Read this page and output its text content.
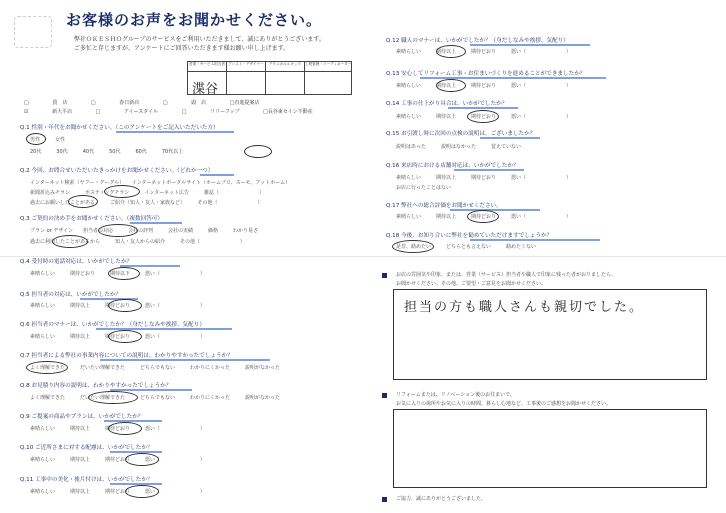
お客様のお声をお聞かせください。
弊社ＯＫＥＳＨＯグループのサービスをご利用いただきまして、誠にありがとうございます。
ご多忙と存じますが、アンケートにご回答いただきます様お願い申し上げます。
営業・サービス担当者	アシスト・デザイナー	テクニカルエキップ	工程管理・コーディネーター

渫谷			

□ 賃　店	□ 春日新店	□ 頭　店	□直進提案店
☑ 新大平店	□ アイースタイル	□ リリーフップ	□長谷東セイン不動産
Q.1 性別・年代をお聞かせください。（このアンケートをご記入いただいた方）
男性　　　女性
20代　　　30代　　　40代　　　50代　　　60代　　　70代以上
Q.2 今回、お問合せいただいたきっかけをお聞かせください。（どれか一つ）
インターネット検索（ヤフー・グーグル）　　インターネットポータルサイト（ホームプロ、スーモ、アットホーム）
新聞折込みチラシ　　　ポスティングチラシ　　　インターネット広告　　　雑誌（　　　　　　　　）
過去にお願いしたことがある　　　ご紹介（知人・友人・家族など）　　　その他（　　　　　　　　）
Q.3 ご契約の決め手をお聞かせください。（複数回答可）
プラン or デザイン　　担当者の対応　　　会社の評判　　　会社の実績　　　価格　　　わかり易さ
過去に利用したことがあるから　　　知人・友人からの紹介　　　その他（　　　　　　　　）
Q.4 受付時の電話対応は、いかがでしたか？
素晴らしい　　　期待どおり　　　期待以下　　　悪い（　　　　　　　　）
Q.5 担当者の対応は、いかがでしたか？
素晴らしい　　　期待以上　　　期待どおり　　　悪い（　　　　　　　　）
Q.6 担当者のマナーは、いかがでしたか？（身だしなみや挨拶、気配り）
素晴らしい　　　期待以上　　　期待どおり　　　悪い（　　　　　　　　）
Q.7 担当者による弊社の事業内容についての説明は、わかりやすかったでしょうか？
よく理解できた　　　だいたい理解できた　　　どちらでもない　　　わかりにくかった　　　説明がなかった
Q.8 お見積り内容の説明は、わかりやすかったでしょうか？
よく理解できた　　　だいたい理解できた　　　どちらでもない　　　わかりにくかった　　　説明がなかった
Q.9 ご提案の商品やプランは、いかがでしたか？
素晴らしい　　　期待以上　　　期待どおり　　　悪い（　　　　　　　　）
Q.10 ご近所さまに対する配慮は、いかがでしたか？
素晴らしい　　　期待以上　　　期待どおり　　　悪い（　　　　　　　　）
Q.11 工事中の美化・後片付けは、いかがでしたか？
素晴らしい　　　期待以上　　　期待どおり　　　悪い（　　　　　　　　）
Q.12 職人のマナーは、いかがでしたか？（身だしなみや挨拶、気配り）
素晴らしい　　　期待以上　　　期待どおり　　　悪い（　　　　　　　　）
Q.13 安心してリフォーム工事・お住まいづくりを進めることができましたか？
素晴らしい　　　期待以上　　　期待どおり　　　悪い（　　　　　　　　）
Q.14 工事の仕上がり具合は、いかがでしたか？
素晴らしい　　　期待以上　　　期待どおり　　　悪い（　　　　　　　　）
Q.15 お引渡し時に次回の点検の説明は、ございましたか？
説明はあった　　　説明はなかった　　　覚えていない
Q.16 来店時における店舗対応は、いかがでしたか？
素晴らしい　　　期待以上　　　期待どおり　　　悪い（　　　　　　　　）
お店に行ったことはない
Q.17 弊社への総合評価をお聞かせください。
素晴らしい　　　期待以上　　　期待どおり　　　悪い（　　　　　　　　）
Q.18 今後、お知り合いに弊社を勧めていただけますでしょうか？
是非、勧めたい　　　どちらとも言えない　　　勧めたくない
お店の雰囲気や印象、または、営業（サービス）担当者や職人で印象に残った者がおりましたら、
お聞かせください。その他、ご要望・ご意見をお聞かせください。
担当の方も職人さんも親切でした。
リフォームまたは、リノベーション後のお住まいで、
お気に入りの場所やお気に入りの時間、暮らし心地など、工事後のご感想をお聞かせください。
ご協力、誠にありがとうございました。
